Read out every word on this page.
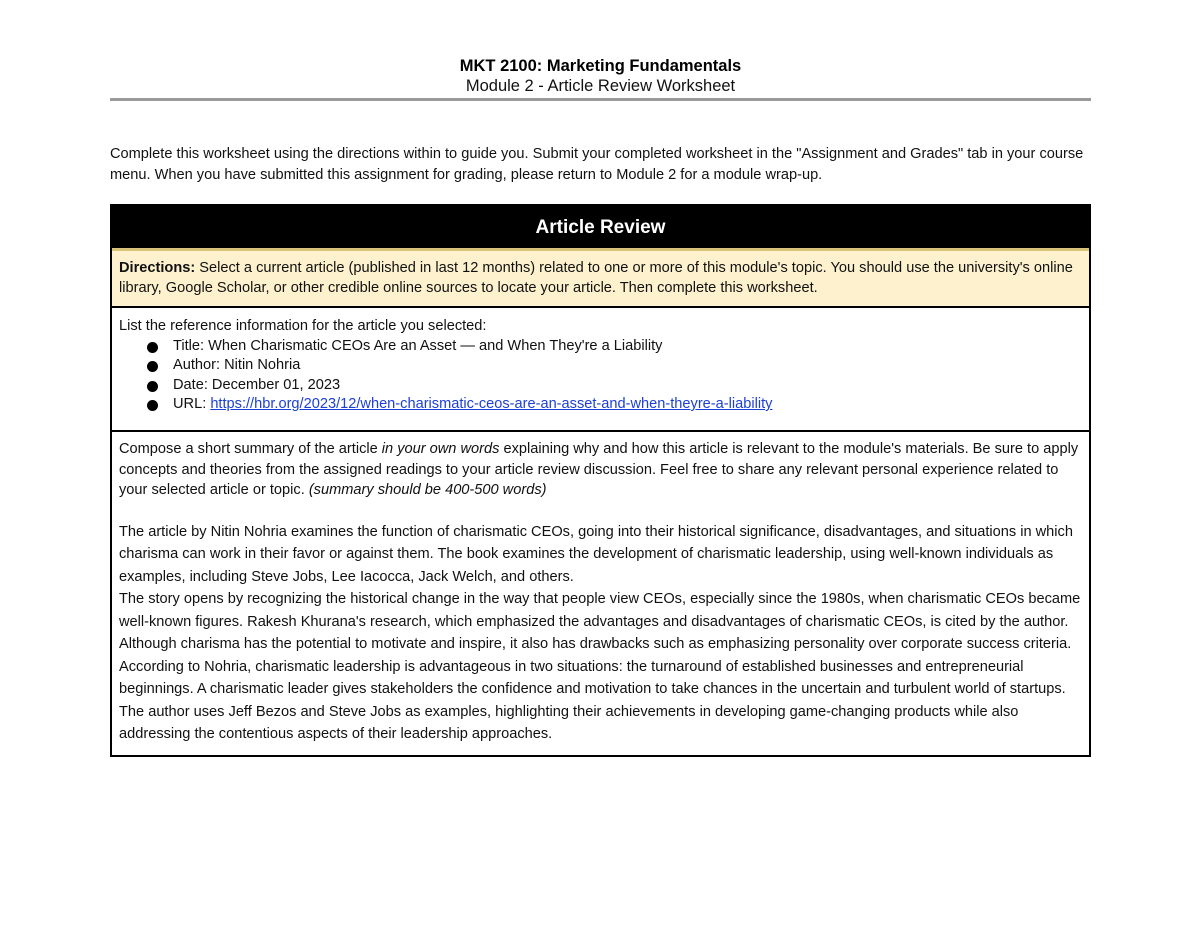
MKT 2100: Marketing Fundamentals
Module 2 - Article Review Worksheet
Complete this worksheet using the directions within to guide you. Submit your completed worksheet in the "Assignment and Grades" tab in your course menu. When you have submitted this assignment for grading, please return to Module 2 for a module wrap-up.
Article Review
Directions: Select a current article (published in last 12 months) related to one or more of this module's topic. You should use the university's online library, Google Scholar, or other credible online sources to locate your article. Then complete this worksheet.
List the reference information for the article you selected:
Title: When Charismatic CEOs Are an Asset — and When They're a Liability
Author: Nitin Nohria
Date: December 01, 2023
URL: https://hbr.org/2023/12/when-charismatic-ceos-are-an-asset-and-when-theyre-a-liability
Compose a short summary of the article in your own words explaining why and how this article is relevant to the module's materials. Be sure to apply concepts and theories from the assigned readings to your article review discussion. Feel free to share any relevant personal experience related to your selected article or topic. (summary should be 400-500 words)

The article by Nitin Nohria examines the function of charismatic CEOs, going into their historical significance, disadvantages, and situations in which charisma can work in their favor or against them. The book examines the development of charismatic leadership, using well-known individuals as examples, including Steve Jobs, Lee Iacocca, Jack Welch, and others.

The story opens by recognizing the historical change in the way that people view CEOs, especially since the 1980s, when charismatic CEOs became well-known figures. Rakesh Khurana's research, which emphasized the advantages and disadvantages of charismatic CEOs, is cited by the author. Although charisma has the potential to motivate and inspire, it also has drawbacks such as emphasizing personality over corporate success criteria.

According to Nohria, charismatic leadership is advantageous in two situations: the turnaround of established businesses and entrepreneurial beginnings. A charismatic leader gives stakeholders the confidence and motivation to take chances in the uncertain and turbulent world of startups. The author uses Jeff Bezos and Steve Jobs as examples, highlighting their achievements in developing game-changing products while also addressing the contentious aspects of their leadership approaches.
